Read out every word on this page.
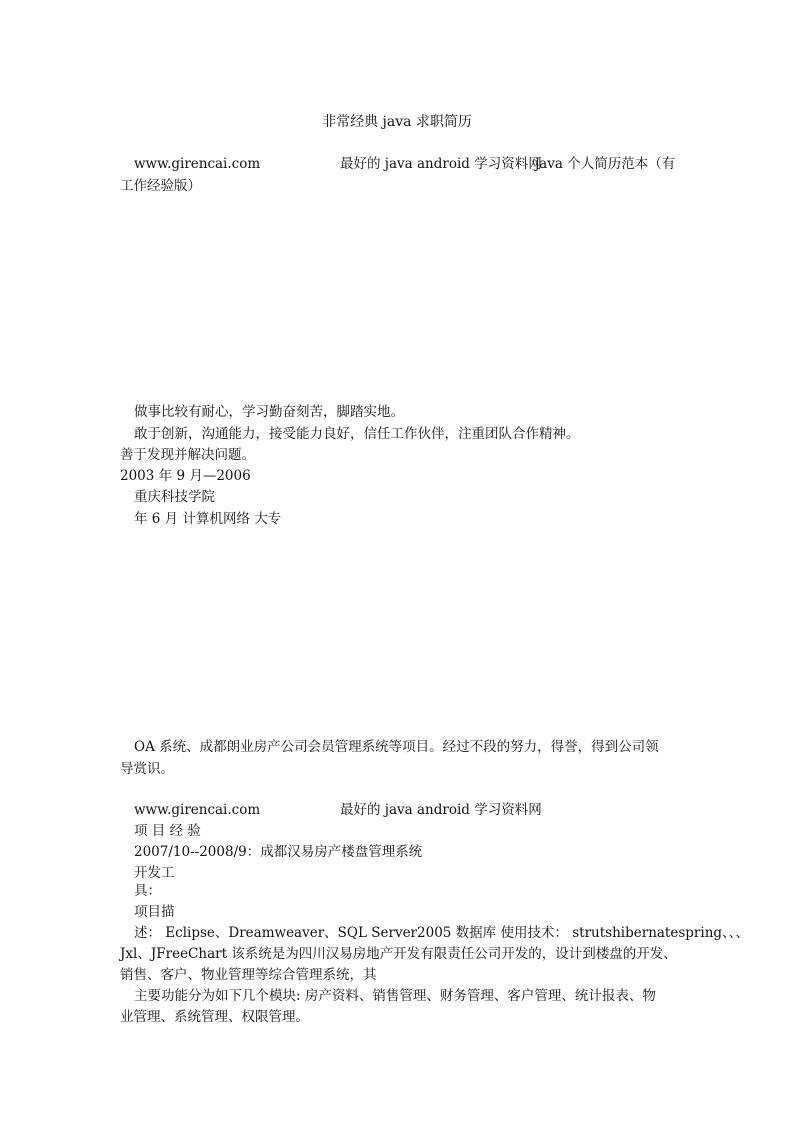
非常经典 java 求职简历
www.girencai.com	最好的 java android 学习资料网
java 个人简历范本（有
工作经验版）
做事比较有耐心，学习勤奋刻苦，脚踏实地。
敢于创新，沟通能力，接受能力良好，信任工作伙伴，注重团队合作精神。
善于发现并解决问题。
2003 年 9 月—2006
重庆科技学院
年 6 月 计算机网络 大专
OA 系统、成都朗业房产公司会员管理系统等项目。经过不段的努力，得誉，得到公司领
导赏识。
www.girencai.com	最好的 java android 学习资料网
项 目 经 验
2007/10--2008/9：成都汉易房产楼盘管理系统
开发工
具：
项目描
述： Eclipse、Dreamweaver、SQL Server2005 数据库 使用技术： strutshibernatespring、、、
Jxl、JFreeChart 该系统是为四川汉易房地产开发有限责任公司开发的，设计到楼盘的开发、
销售、客户、物业管理等综合管理系统，其
主要功能分为如下几个模块: 房产资料、销售管理、财务管理、客户管理、统计报表、物
业管理、系统管理、权限管理。
